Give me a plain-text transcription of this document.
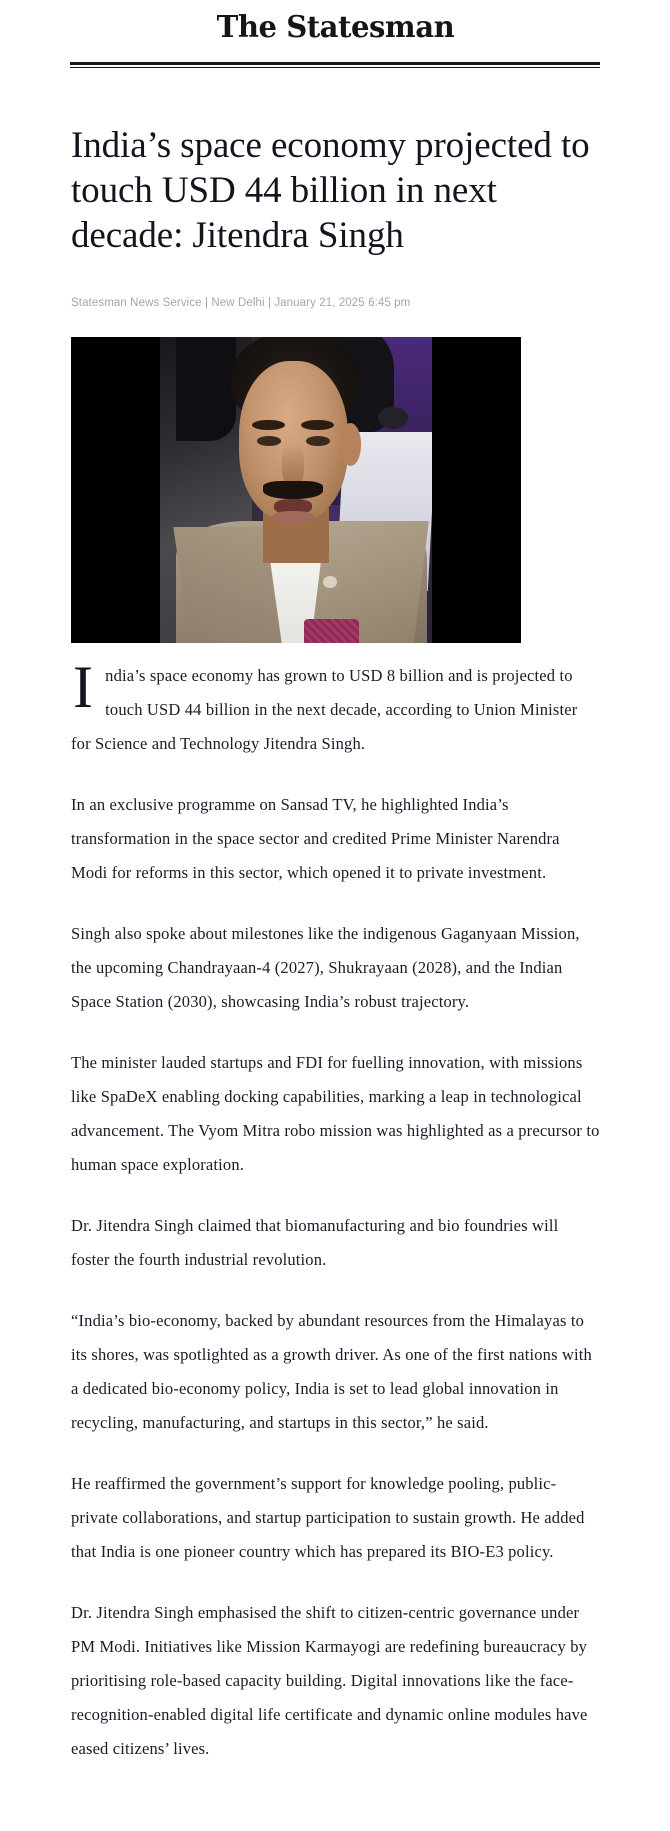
The Statesman
India’s space economy projected to touch USD 44 billion in next decade: Jitendra Singh
Statesman News Service | New Delhi | January 21, 2025 6:45 pm

India’s space economy has grown to USD 8 billion and is projected to touch USD 44 billion in the next decade, according to Union Minister for Science and Technology Jitendra Singh.

In an exclusive programme on Sansad TV, he highlighted India’s transformation in the space sector and credited Prime Minister Narendra Modi for reforms in this sector, which opened it to private investment.

Singh also spoke about milestones like the indigenous Gaganyaan Mission, the upcoming Chandrayaan-4 (2027), Shukrayaan (2028), and the Indian Space Station (2030), showcasing India’s robust trajectory.

The minister lauded startups and FDI for fuelling innovation, with missions like SpaDeX enabling docking capabilities, marking a leap in technological advancement. The Vyom Mitra robo mission was highlighted as a precursor to human space exploration.

Dr. Jitendra Singh claimed that biomanufacturing and bio foundries will foster the fourth industrial revolution.

“India’s bio-economy, backed by abundant resources from the Himalayas to its shores, was spotlighted as a growth driver. As one of the first nations with a dedicated bio-economy policy, India is set to lead global innovation in recycling, manufacturing, and startups in this sector,” he said.

He reaffirmed the government’s support for knowledge pooling, public-private collaborations, and startup participation to sustain growth. He added that India is one pioneer country which has prepared its BIO-E3 policy.

Dr. Jitendra Singh emphasised the shift to citizen-centric governance under PM Modi. Initiatives like Mission Karmayogi are redefining bureaucracy by prioritising role-based capacity building. Digital innovations like the face-recognition-enabled digital life certificate and dynamic online modules have eased citizens’ lives.
